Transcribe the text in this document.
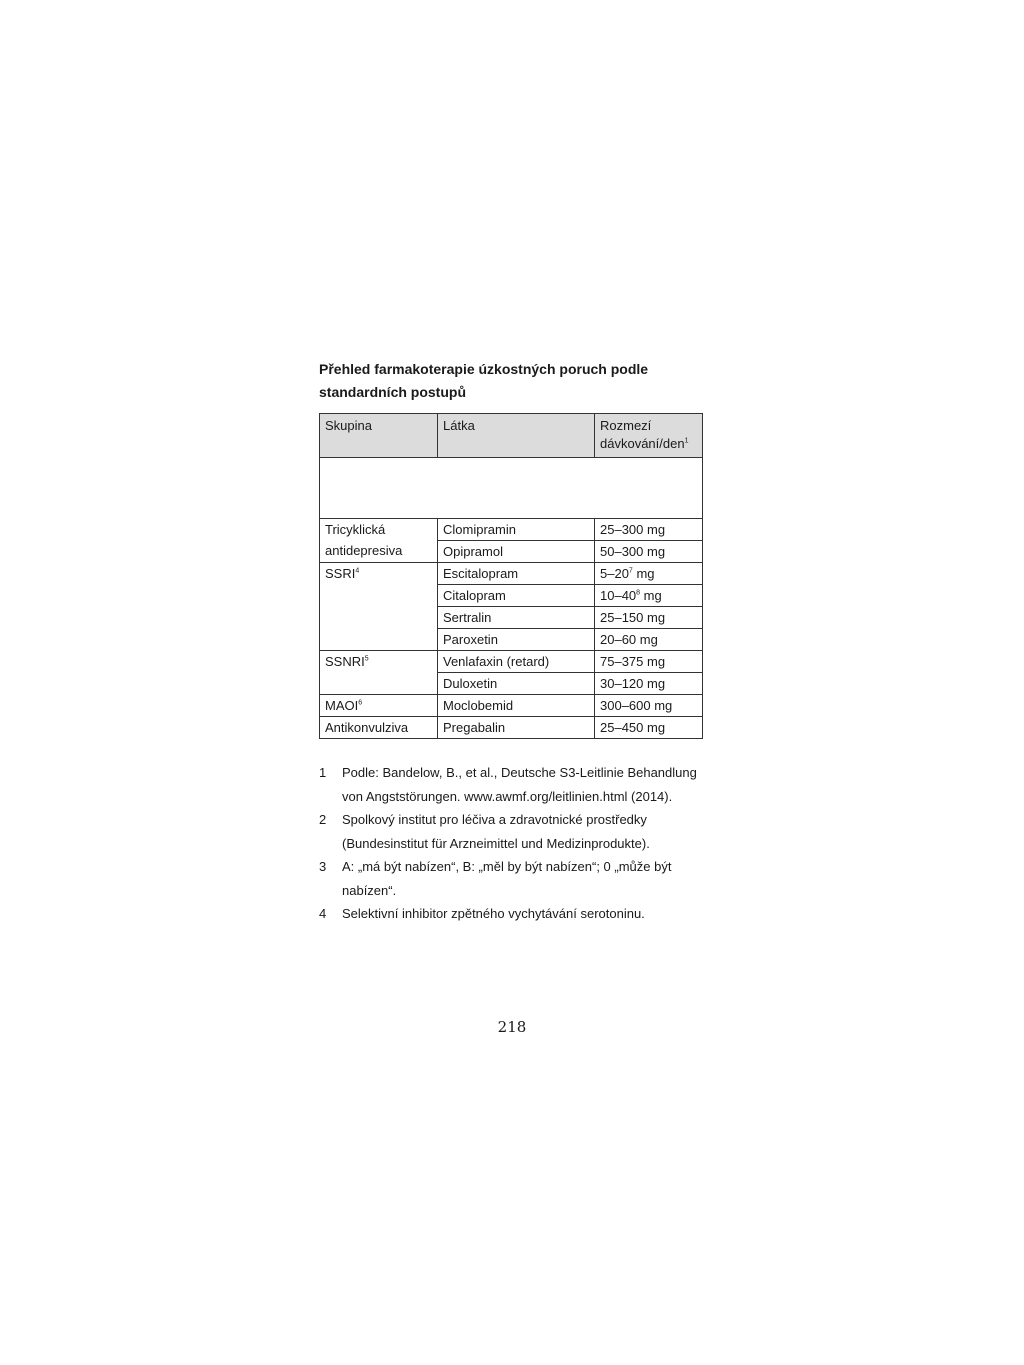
Přehled farmakoterapie úzkostných poruch podle standardních postupů
Skupina	Látka	Rozmezí dávkování/den$^1$

Tricyklická antidepresiva	Clomipramin	25–300 mg
	Opipramol	50–300 mg
SSRI$^4$	Escitalopram	$5-20^7$ mg
	Citalopram	$10-40^8$ mg
	Sertralin	25–150 mg
	Paroxetin	20–60 mg
SSNRI$^5$	Venlafaxin (retard)	75–375 mg
	Duloxetin	30–120 mg
MAOI$^6$	Moclobemid	300–600 mg
Antikonvulziva	Pregabalin	25–450 mg
1	Podle: Bandelow, B., et al., Deutsche S3-Leitlinie Behandlung von Angststörungen. www.awmf.org/leitlinien.html (2014).
2	Spolkový institut pro léčiva a zdravotnické prostředky (Bundesinstitut für Arzneimittel und Medizinprodukte).
3	A: „má být nabízen“, B: „měl by být nabízen“; 0 „může být nabízen“.
4	Selektivní inhibitor zpětného vychytávání serotoninu.
218
